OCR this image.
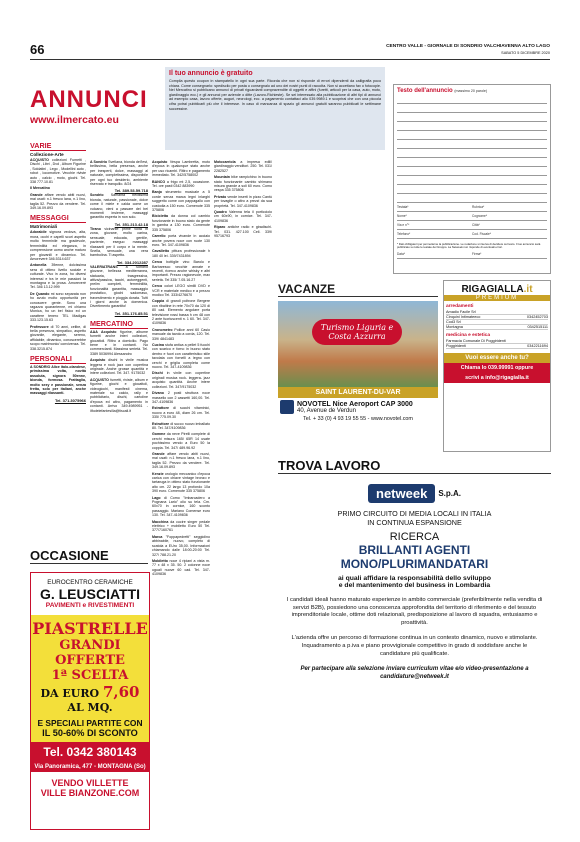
66	CENTRO VALLE - GIORNALE DI SONDRIO VALCHIAVENNA ALTO LAGO
SABATO 5 DICEMBRE 2020
ANNUNCI
www.ilmercato.eu
Il tuo annuncio è gratuito
Compila questo coupon in stampatello in ogni sua parte. Ricorda che non si risponde di errori dipendenti da calligrafia poco chiara. Come consegnarlo: spediscilo per posta o consegnalo ad uno dei nostri punti di raccolta. Non si accettano fax o fotocopie. Nel Mercatino si pubblicano annunci di privati riguardanti compravendite di oggetti e affini (furetti, articoli per la casa, auto, moto, giardinaggio ecc.) e gli annunci per aziende o ditte (Lavoro-Richieste). Se sei interessato alla pubblicazione di altri tipi di annunci ad esempio casa, lavoro offerte, auguri, necrologi, ecc. a pagamento contattaci allo 039.9989.1 e scoprirai che con una piccola cifra potrai pubblicarli più che il interesse. In caso di mancanza di spazio gli annunci gratuiti saranno pubblicati le settimane successive.
Testo dell'annuncio (massimo 20 parole)
Testata*	Rubrica*
Nome*	Cognome*
Via e n°*	Città*
Telefono*	Cod. Fiscale*
* Dati obbligatori per permetterne la pubblicazione. Le redazione si riserva di decidere sul testo. Il tuo annuncio sarà pubblicato su tutte le testate del Gruppo. La Netweek non risponde di eventuali errori.
Data*	Firma*
VARIE
Collezione-Arte
ACQUISTO collezioni Fumetti , Dischi , Libri , Dvd , Album Figurine , Soldatini , Lego , Modellini auto , robot , locomotive. Vecchie riviste auto , calcio , moto, giochi. Tel. 338 777.10.81
Il Mercatino
Grande affare vendo abiti nuovi, mai usati: n.1 fresco lana, n.1 lino, taglia 52. Prezzo da vendere. Tel. 349.16.09.893
MESSAGGI
Matrimoniali
Adorabile signora vedova, alta, mora, occhi e capelli scuri aspetto molto femminile ma gradevole, femminilità ed eleganza, in comprensione uomo anche maturo per giovanili e dinamico. Tel. Amoreverè 346.5314.637
Antonella 39enne, dolcissima sera di ottimo livello sociale e culturale. Vivo in zona, ho diversi interessi e tra le mie passioni la montagna e la prosa. Amoreverè Tel. 346 13.12.999
De Quando mi sono separata non ho avuto molto opportunità per conoscere gente. Sono una ragazza quarantenne, mi chiamo Monica, ho un bel fisico ed un carattere tenero TEL Madigas 333.123.15.63
Professore di 70 anni, celibe, di bella presenza, simpatico, aspetto giovanile, elegante, sereno, affidabile, dinamico, conoscerebbe scopo matrimonio/ convivenza. Tel. 338.3215.874
PERSONALI
A SONDRIO Alice italo-olandese, primissima volta, novità assoluta, signora 50enne, bionda, formosa. Frattaglia, molto sexy e passionale, senza fretta, solo per italiani, anche massaggi rilassanti.
Tel. 371.3075966
A Sondrio Svetlana, bionda dell'est, bellissima, bella presenza, anche per inesperti, dolce, massaggi al naturale, completissima, disponibile per ogni tuo desiderio, ambiente riservato e tranquillo. 8/24
Tel. 389.53.59.718
Sondrio Samanta bellissima bionda, naturale, passionale, dolce come il miele e calda come un vulcano, vieni a passare dei bei momenti insieme, massaggi garantito esperta in non solo.
Tel. 351.213.42.18
Tirano vicinante prime volta in zona, giovane, molto carina, sensuale, educata, gentile, paziente, eseguo massaggi rilassanti per il corpo e la mente. Snella, sensuale, una vera bambolina. Ti aspetto.
Tel. 334.2012287
VALERIATRANS a Sondrio giovane, bellezza mediterranea, statuaria, trasgressiva, attiva/passiva, tacchi, autoreggenti, prelim completi, femminilità, funzionalità garantita, massaggio prostatico, giochi sadomaso, travestimento e pioggia dorata. Tutti i giorni anche la domenica. Divertimento garantito!
Tel. 351.176.85.51
MERCATINO
AAA Acquisto figurine, albume fumetti anche interi collezioni, giocattoli. Ritiro a domicilio. Pago bene e in contanti. No commercianti. Massima serietà. Tel. 3389 5036994 Alessandro
Acquisto dischi in vinile musica leggera e rock jazz con copertina originale. Anche grosse quantità e intere collezioni. Tel. 347. 9175032
ACQUISTO fumetti, riviste, album e figurine, giochi e giocattoli, videogiochi, manifesti cinema, materiale su calcio, rally e pubblicitario, dischi, cartoline d'epoca ed altro, pagamento in contanti. Arrivo 349.4989951 - ilfodelefantesilia@tiscali.it
Acquisto Vespa Lambretta, moto d'epoca in qualunque stato anche per uso ricambi. Ritiro e pagamento immediato. Tel. 342/5758002
BANCO a frigo mt 2,5, occasione. Tel. ore pasti 0342 883990
Banjo strumento musicale a 5 corde senza marca legni inlarghi suggerito come con pappagallo con custodia a 150 euro. Cornenote 335 375806
Bicicletta da donna col cambio funzionante in buono stato da gente in gamba a 130 euro. Cornenote 335 375806
Carrello porta vivande in acciaio anche povera noce con ruote 130 euro. Tel. 347-4109836
Cavalletto pittura professionale h 180 40 lei. 339/7431894
Cerco bottiglie vino Barolo e Barbaresco vecchie annate e recenti, ricerco anche whisky e altri importanti. Prezzo ragionevole, max serietà. Tel 335/ 7.05.16.27
Cerco colori LEGO similii DVD e VCR e materiale medico e a prezzo modico Tel. 333/4276670
Coppia di grandi poltrone Bergere con ribaltine in rete 70x70 da 120 di 80 cad. Elemento angolare porta televisione rossi bassa h cm 48 con 2 ante fuoriuscenti n. 1 60. Tel. 347-4109836
Cronometro Pollice anni 60 Casio manuale da tavolo a corda, 120. Tel. 339/ 4841483
Cucina stufa antica a pellet 5 fuochi con scarico e forno in buono stato dentro e fuori con caratteristico stile tavolata con fornelli a legno con cerchi e griglia completa come nuovo. Tel. 347-4109836
Dischi in vinile con copertine originali musica rock- leggera- jazz acquisto quantità. Anche intere collezioni. Tel. 347/9175032
Divano 2 posti struttura noce massello con 2 cassetti 160,00. Tel. 347-4109836
Estrattore di succhi vitaminici, nuovo a euro 48, diam 26 cm. Tel. 335/ 775.09.30
Estruttore di succo nuovo imballato 80. Tel. 347/4109836
Gomme da neve Pirelli complete di cerchi misura 165/ 65R 14 usate pochissimo vendo a Euro 50 la coppia. Tel. 347/ 489.96.92
Grande affare vendo abiti nuovi, mai usati: n.1 fresco lana, n.1 lino, taglia 52. Prezzo da vendere. Tel. 349.16.09.893
Kenzie orologio meccanico d'epoca carica con chiave vintage bronzo e tartaruga in ottimo stato funzionante alto cm. 22 largo 13 profondo 10a 390 euro. Cornenote 335 375806
Lago di Como "Imbarcadero a Pognana Lario" olio su tela. Cm. 60x70 in cornice, 160 sconto passaggio. Mariano Comense euro 130. Tel. 347-4109836
Macchina da cucire singer pedale elettrico + mobiletto Euro 50 Tel. 377/7160761
Marca "Foppapedretti" seggiolino abbinabile, nuovo, completo di scatola a EUro 35,00. Informazioni chiamando dalle 18:00-20:00 Tel. 327/ 788.21.20
Mobiletto noce 4 ripiani a vista m. 77 x 48 x 35. 50. 2 colonne noce uguali nuove 60 cad. Tel. 347- 4109836
Motocarriola a impresa edili/ giardinaggio venditori. 250. Tel. 031/ 2282527
Mountain bike rampichino in buono stato funzionante cambio shimano misura grande a soli 60 euro. Como vespa 335 375806
Privato vende inserti in pizzo Cantù per tovaglie o altro a prezzi da sua proprietà. Tel. 347-4109836
Quadro Valenna tela il porticciolo cm 60x90, in cornice. Tel. 347-4109836
Riparo antiche radio e giradischi. Tel. 031. 427.100 Cell. 339/ 95716793
VACANZE
Turismo Liguria e Costa Azzurra
SAINT LAURENT-DU-VAR
NOVOTEL Nice Aeroport CAP 3000
40, Avenue de Verdun
Tel. + 33 (0) 4 93 19 55 55 - www.novotel.com
RIGAGIALLA.it
PREMIUM
arredamenti
Amadio Facile Srl
Cinquini Intimateeco	0342452703
Cod3 Srl
Montagna	0342515111
medicina e estetica
Farmacia Comunale Di Poggiridenti
Poggiridenti	0342211694
Vuoi essere anche tu?
Chiama lo 039.99991 oppure
scrivi a info@rigagialla.it
TROVA LAVORO
netweek	S.p.A.
PRIMO CIRCUITO DI MEDIA LOCALI IN ITALIA
IN CONTINUA ESPANSIONE
RICERCA
BRILLANTI AGENTI
MONO/PLURIMANDATARI
ai quali affidare la responsabilità dello sviluppo
e del mantenimento del business in Lombardia
I candidati ideali hanno maturato esperienze in ambito commerciale (preferibilmente nella vendita di servizi B2B), possiedono una conoscenza approfondita del territorio di riferimento e del tessuto imprenditoriale locale, ottime doti relazionali, predisposizione al lavoro di squadra, entusiasmo e proattività.
L'azienda offre un percorso di formazione continua in un contesto dinamico, nuovo e stimolante. Inquadramento a p.iva e piano provvigionale competitivo in grado di soddisfare anche le candidature più qualificate.
Per partecipare alla selezione inviare curriculum vitae e/o video-presentazione a candidature@netweek.it
OCCASIONE
EUROCENTRO CERAMICHE
G. LEUSCIATTI
PAVIMENTI e RIVESTIMENTI
PIASTRELLE
GRANDI OFFERTE
1ª SCELTA
DA EURO 7,60 AL MQ.
E SPECIALI PARTITE CON
IL 50-60% DI SCONTO
Tel. 0342 380143
Via Panoramica, 477 - MONTAGNA (So)
VENDO VILLETTE
VILLE BIANZONE.COM
